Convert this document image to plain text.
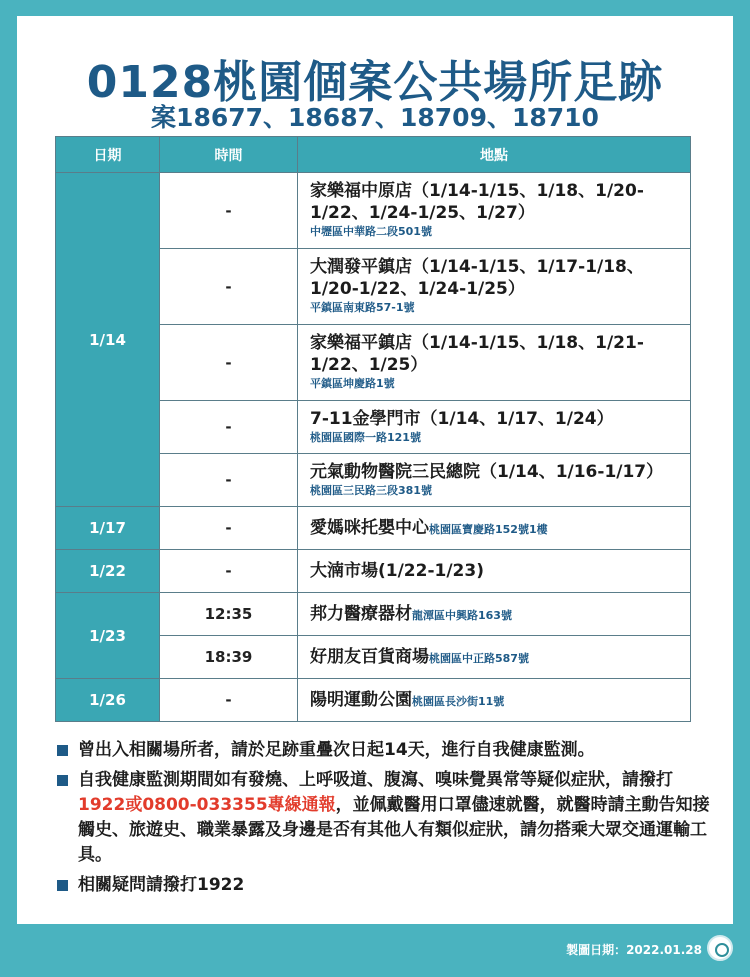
0128桃園個案公共場所足跡
案18677、18687、18709、18710
日期	時間	地點
1/14	-	家樂福中原店（1/14-1/15、1/18、1/20-1/22、1/24-1/25、1/27）
中壢區中華路二段501號

	-	大潤發平鎮店（1/14-1/15、1/17-1/18、1/20-1/22、1/24-1/25）
平鎮區南東路57-1號

	-	家樂福平鎮店（1/14-1/15、1/18、1/21-1/22、1/25）
平鎮區坤慶路1號

	-	7-11金學門市（1/14、1/17、1/24）
桃園區國際一路121號

	-	元氣動物醫院三民總院（1/14、1/16-1/17）
桃園區三民路三段381號

1/17	-	愛媽咪托嬰中心桃園區寶慶路152號1樓
1/22	-	大湳市場(1/22-1/23)
1/23	12:35	邦力醫療器材龍潭區中興路163號
	18:39	好朋友百貨商場桃園區中正路587號
1/26	-	陽明運動公園桃園區長沙街11號
曾出入相關場所者，請於足跡重疊次日起14天，進行自我健康監測。
自我健康監測期間如有發燒、上呼吸道、腹瀉、嗅味覺異常等疑似症狀，請撥打1922或0800-033355專線通報，並佩戴醫用口罩儘速就醫，就醫時請主動告知接觸史、旅遊史、職業暴露及身邊是否有其他人有類似症狀，請勿搭乘大眾交通運輸工具。
相關疑問請撥打1922
製圖日期：2022.01.28
